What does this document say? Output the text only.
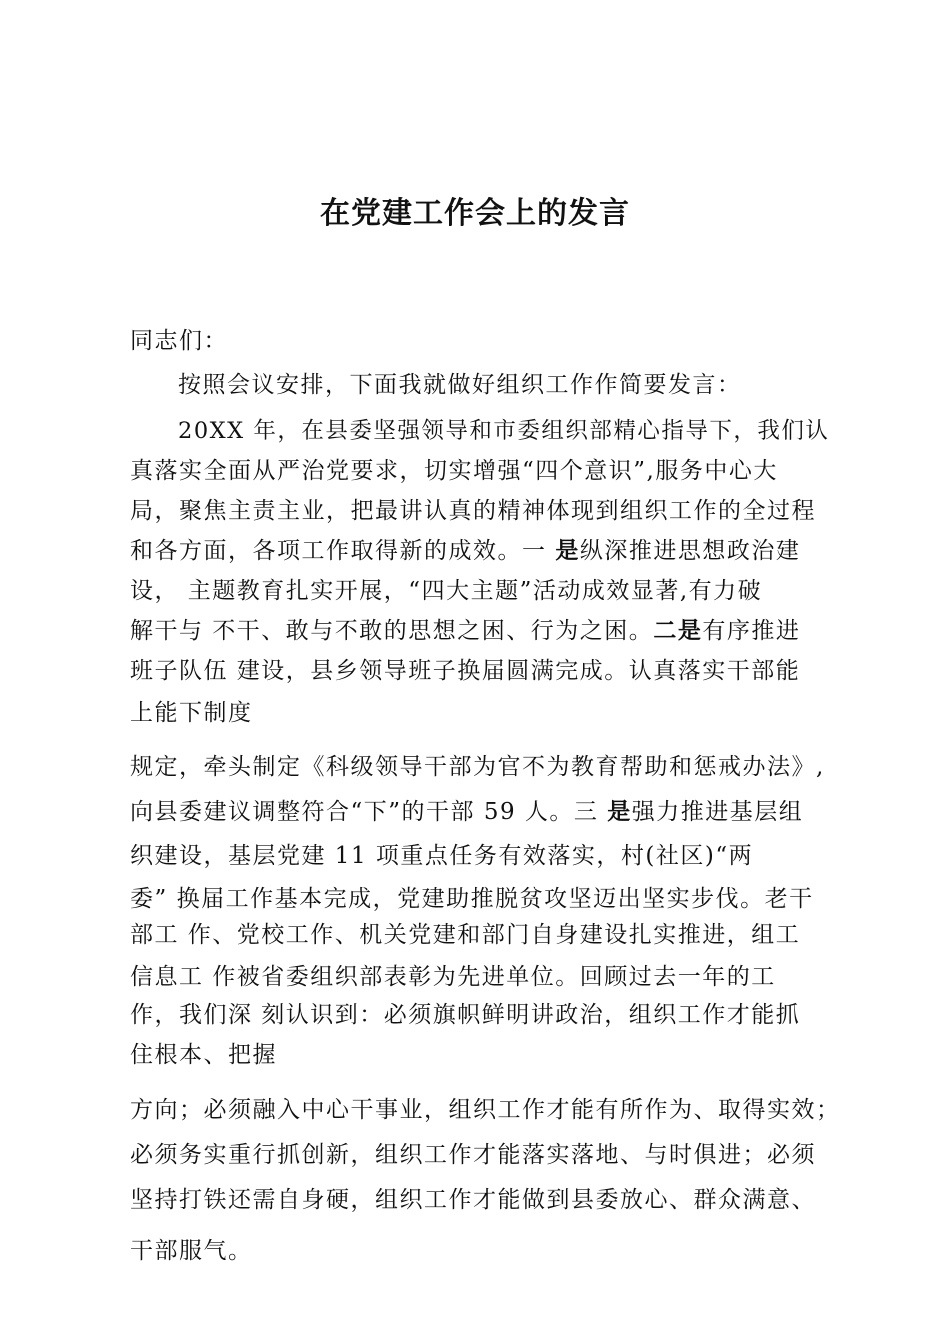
在党建工作会上的发言
同志们：
按照会议安排，下面我就做好组织工作作简要发言：
20XX 年，在县委坚强领导和市委组织部精心指导下，我们认
真落实全面从严治党要求，切实增强“四个意识”,服务中心大
局，聚焦主责主业，把最讲认真的精神体现到组织工作的全过程
和各方面，各项工作取得新的成效。一 是纵深推进思想政治建
设， 主题教育扎实开展，“四大主题”活动成效显著,有力破
解干与 不干、敢与不敢的思想之困、行为之困。二是有序推进
班子队伍 建设，县乡领导班子换届圆满完成。认真落实干部能
上能下制度
规定，牵头制定《科级领导干部为官不为教育帮助和惩戒办法》,
向县委建议调整符合“下”的干部 59 人。三 是强力推进基层组
织建设，基层党建 11 项重点任务有效落实，村(社区)“两
委” 换届工作基本完成，党建助推脱贫攻坚迈出坚实步伐。老干
部工 作、党校工作、机关党建和部门自身建设扎实推进，组工
信息工 作被省委组织部表彰为先进单位。回顾过去一年的工
作，我们深 刻认识到：必须旗帜鲜明讲政治，组织工作才能抓
住根本、把握
方向；必须融入中心干事业，组织工作才能有所作为、取得实效；
必须务实重行抓创新，组织工作才能落实落地、与时俱进；必须
坚持打铁还需自身硬，组织工作才能做到县委放心、群众满意、
干部服气。
